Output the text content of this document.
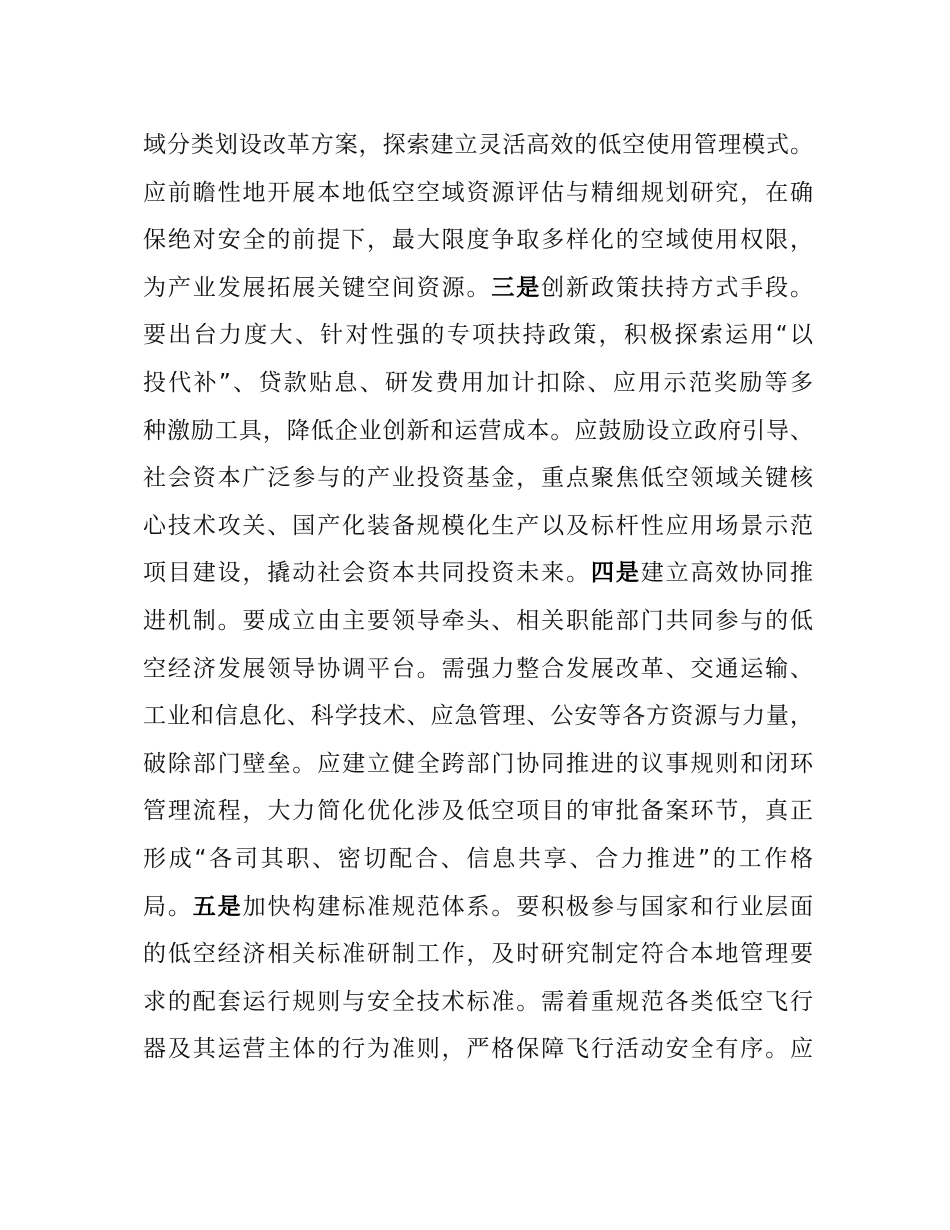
域分类划设改革方案，探索建立灵活高效的低空使用管理模式。
应前瞻性地开展本地低空空域资源评估与精细规划研究，在确
保绝对安全的前提下，最大限度争取多样化的空域使用权限，
为产业发展拓展关键空间资源。三是创新政策扶持方式手段。
要出台力度大、针对性强的专项扶持政策，积极探索运用“以
投代补”、贷款贴息、研发费用加计扣除、应用示范奖励等多
种激励工具，降低企业创新和运营成本。应鼓励设立政府引导、
社会资本广泛参与的产业投资基金，重点聚焦低空领域关键核
心技术攻关、国产化装备规模化生产以及标杆性应用场景示范
项目建设，撬动社会资本共同投资未来。四是建立高效协同推
进机制。要成立由主要领导牵头、相关职能部门共同参与的低
空经济发展领导协调平台。需强力整合发展改革、交通运输、
工业和信息化、科学技术、应急管理、公安等各方资源与力量，
破除部门壁垒。应建立健全跨部门协同推进的议事规则和闭环
管理流程，大力简化优化涉及低空项目的审批备案环节，真正
形成“各司其职、密切配合、信息共享、合力推进”的工作格
局。五是加快构建标准规范体系。要积极参与国家和行业层面
的低空经济相关标准研制工作，及时研究制定符合本地管理要
求的配套运行规则与安全技术标准。需着重规范各类低空飞行
器及其运营主体的行为准则，严格保障飞行活动安全有序。应
